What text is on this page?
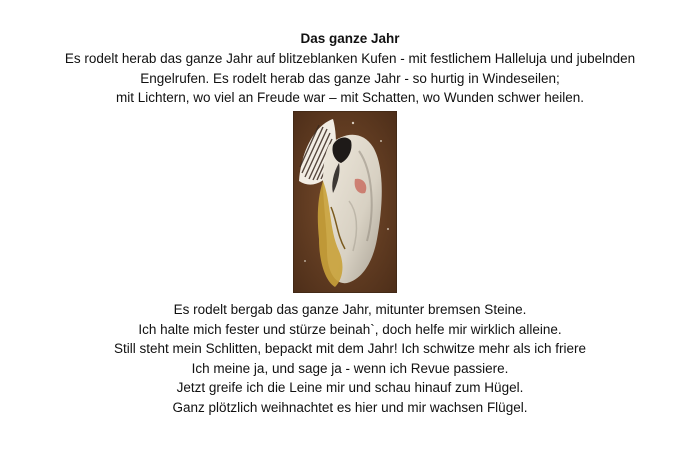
Das ganze Jahr
Es rodelt herab das ganze Jahr auf blitzeblanken Kufen - mit festlichem Halleluja und jubelnden
Engelrufen. Es rodelt herab das ganze Jahr - so hurtig in Windeseilen;
mit Lichtern, wo viel an Freude war – mit Schatten, wo Wunden schwer heilen.
Es rodelt bergab das ganze Jahr, mitunter bremsen Steine.
Ich halte mich fester und stürze beinah`, doch helfe mir wirklich alleine.
Still steht mein Schlitten, bepackt mit dem Jahr! Ich schwitze mehr als ich friere
Ich meine ja, und sage ja - wenn ich Revue passiere.
Jetzt greife ich die Leine mir und schau hinauf zum Hügel.
Ganz plötzlich weihnachtet es hier und mir wachsen Flügel.
